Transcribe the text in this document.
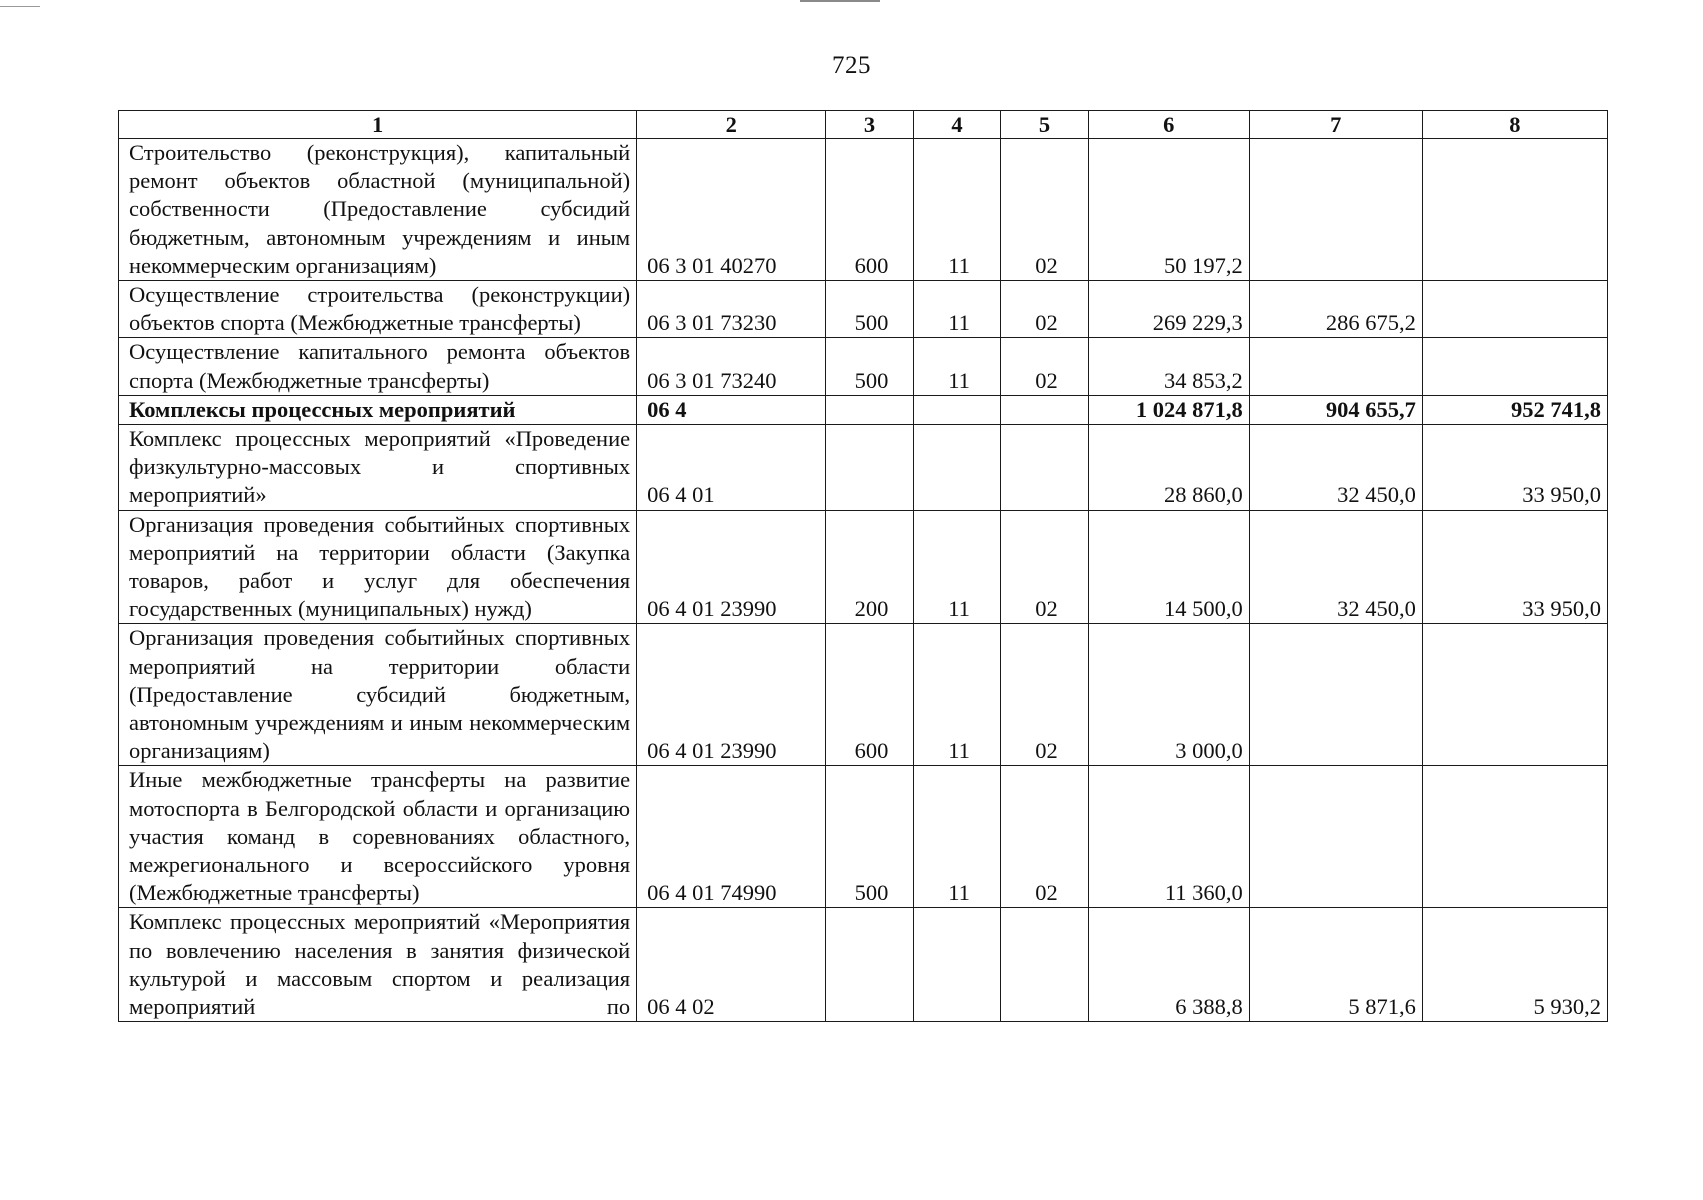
725
1	2	3	4	5	6	7	8
Строительство (реконструкция), капитальный ремонт объектов областной (муниципальной) собственности (Предоставление субсидий бюджетным, автономным учреждениям и иным некоммерческим организациям)	06 3 01 40270	600	11	02	50 197,2		
Осуществление строительства (реконструкции) объектов спорта (Межбюджетные трансферты)	06 3 01 73230	500	11	02	269 229,3	286 675,2	
Осуществление капитального ремонта объектов спорта (Межбюджетные трансферты)	06 3 01 73240	500	11	02	34 853,2		
Комплексы процессных мероприятий	06 4				1 024 871,8	904 655,7	952 741,8
Комплекс процессных мероприятий «Проведение физкультурно-массовых и спортивных мероприятий»	06 4 01				28 860,0	32 450,0	33 950,0
Организация проведения событийных спортивных мероприятий на территории области (Закупка товаров, работ и услуг для обеспечения государственных (муниципальных) нужд)	06 4 01 23990	200	11	02	14 500,0	32 450,0	33 950,0
Организация проведения событийных спортивных мероприятий на территории области (Предоставление субсидий бюджетным, автономным учреждениям и иным некоммерческим организациям)	06 4 01 23990	600	11	02	3 000,0		
Иные межбюджетные трансферты на развитие мотоспорта в Белгородской области и организацию участия команд в соревнованиях областного, межрегионального и всероссийского уровня (Межбюджетные трансферты)	06 4 01 74990	500	11	02	11 360,0		
Комплекс процессных мероприятий «Мероприятия по вовлечению населения в занятия физической культурой и массовым спортом и реализация мероприятий по	06 4 02				6 388,8	5 871,6	5 930,2
